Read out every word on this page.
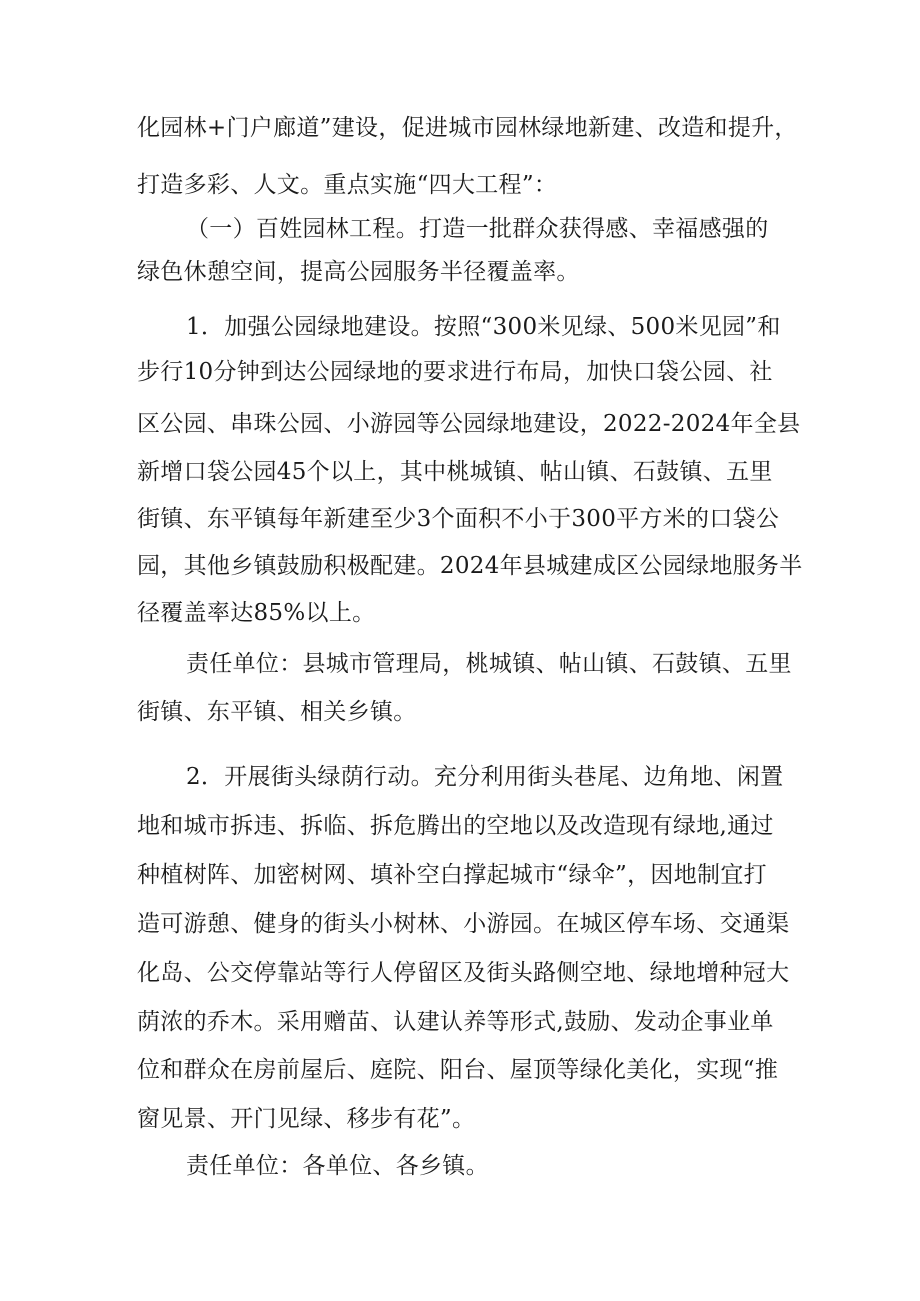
化园林+门户廊道”建设，促进城市园林绿地新建、改造和提升，
打造多彩、人文。重点实施“四大工程”：
（一）百姓园林工程。打造一批群众获得感、幸福感强的
绿色休憩空间，提高公园服务半径覆盖率。
1．加强公园绿地建设。按照“300米见绿、500米见园”和
步行10分钟到达公园绿地的要求进行布局，加快口袋公园、社
区公园、串珠公园、小游园等公园绿地建设，2022-2024年全县
新增口袋公园45个以上，其中桃城镇、帖山镇、石鼓镇、五里
街镇、东平镇每年新建至少3个面积不小于300平方米的口袋公
园，其他乡镇鼓励积极配建。2024年县城建成区公园绿地服务半
径覆盖率达85%以上。
责任单位：县城市管理局，桃城镇、帖山镇、石鼓镇、五里
街镇、东平镇、相关乡镇。
2．开展街头绿荫行动。充分利用街头巷尾、边角地、闲置
地和城市拆违、拆临、拆危腾出的空地以及改造现有绿地,通过
种植树阵、加密树网、填补空白撑起城市“绿伞”，因地制宜打
造可游憩、健身的街头小树林、小游园。在城区停车场、交通渠
化岛、公交停靠站等行人停留区及街头路侧空地、绿地增种冠大
荫浓的乔木。采用赠苗、认建认养等形式,鼓励、发动企事业单
位和群众在房前屋后、庭院、阳台、屋顶等绿化美化，实现“推
窗见景、开门见绿、移步有花”。
责任单位：各单位、各乡镇。
